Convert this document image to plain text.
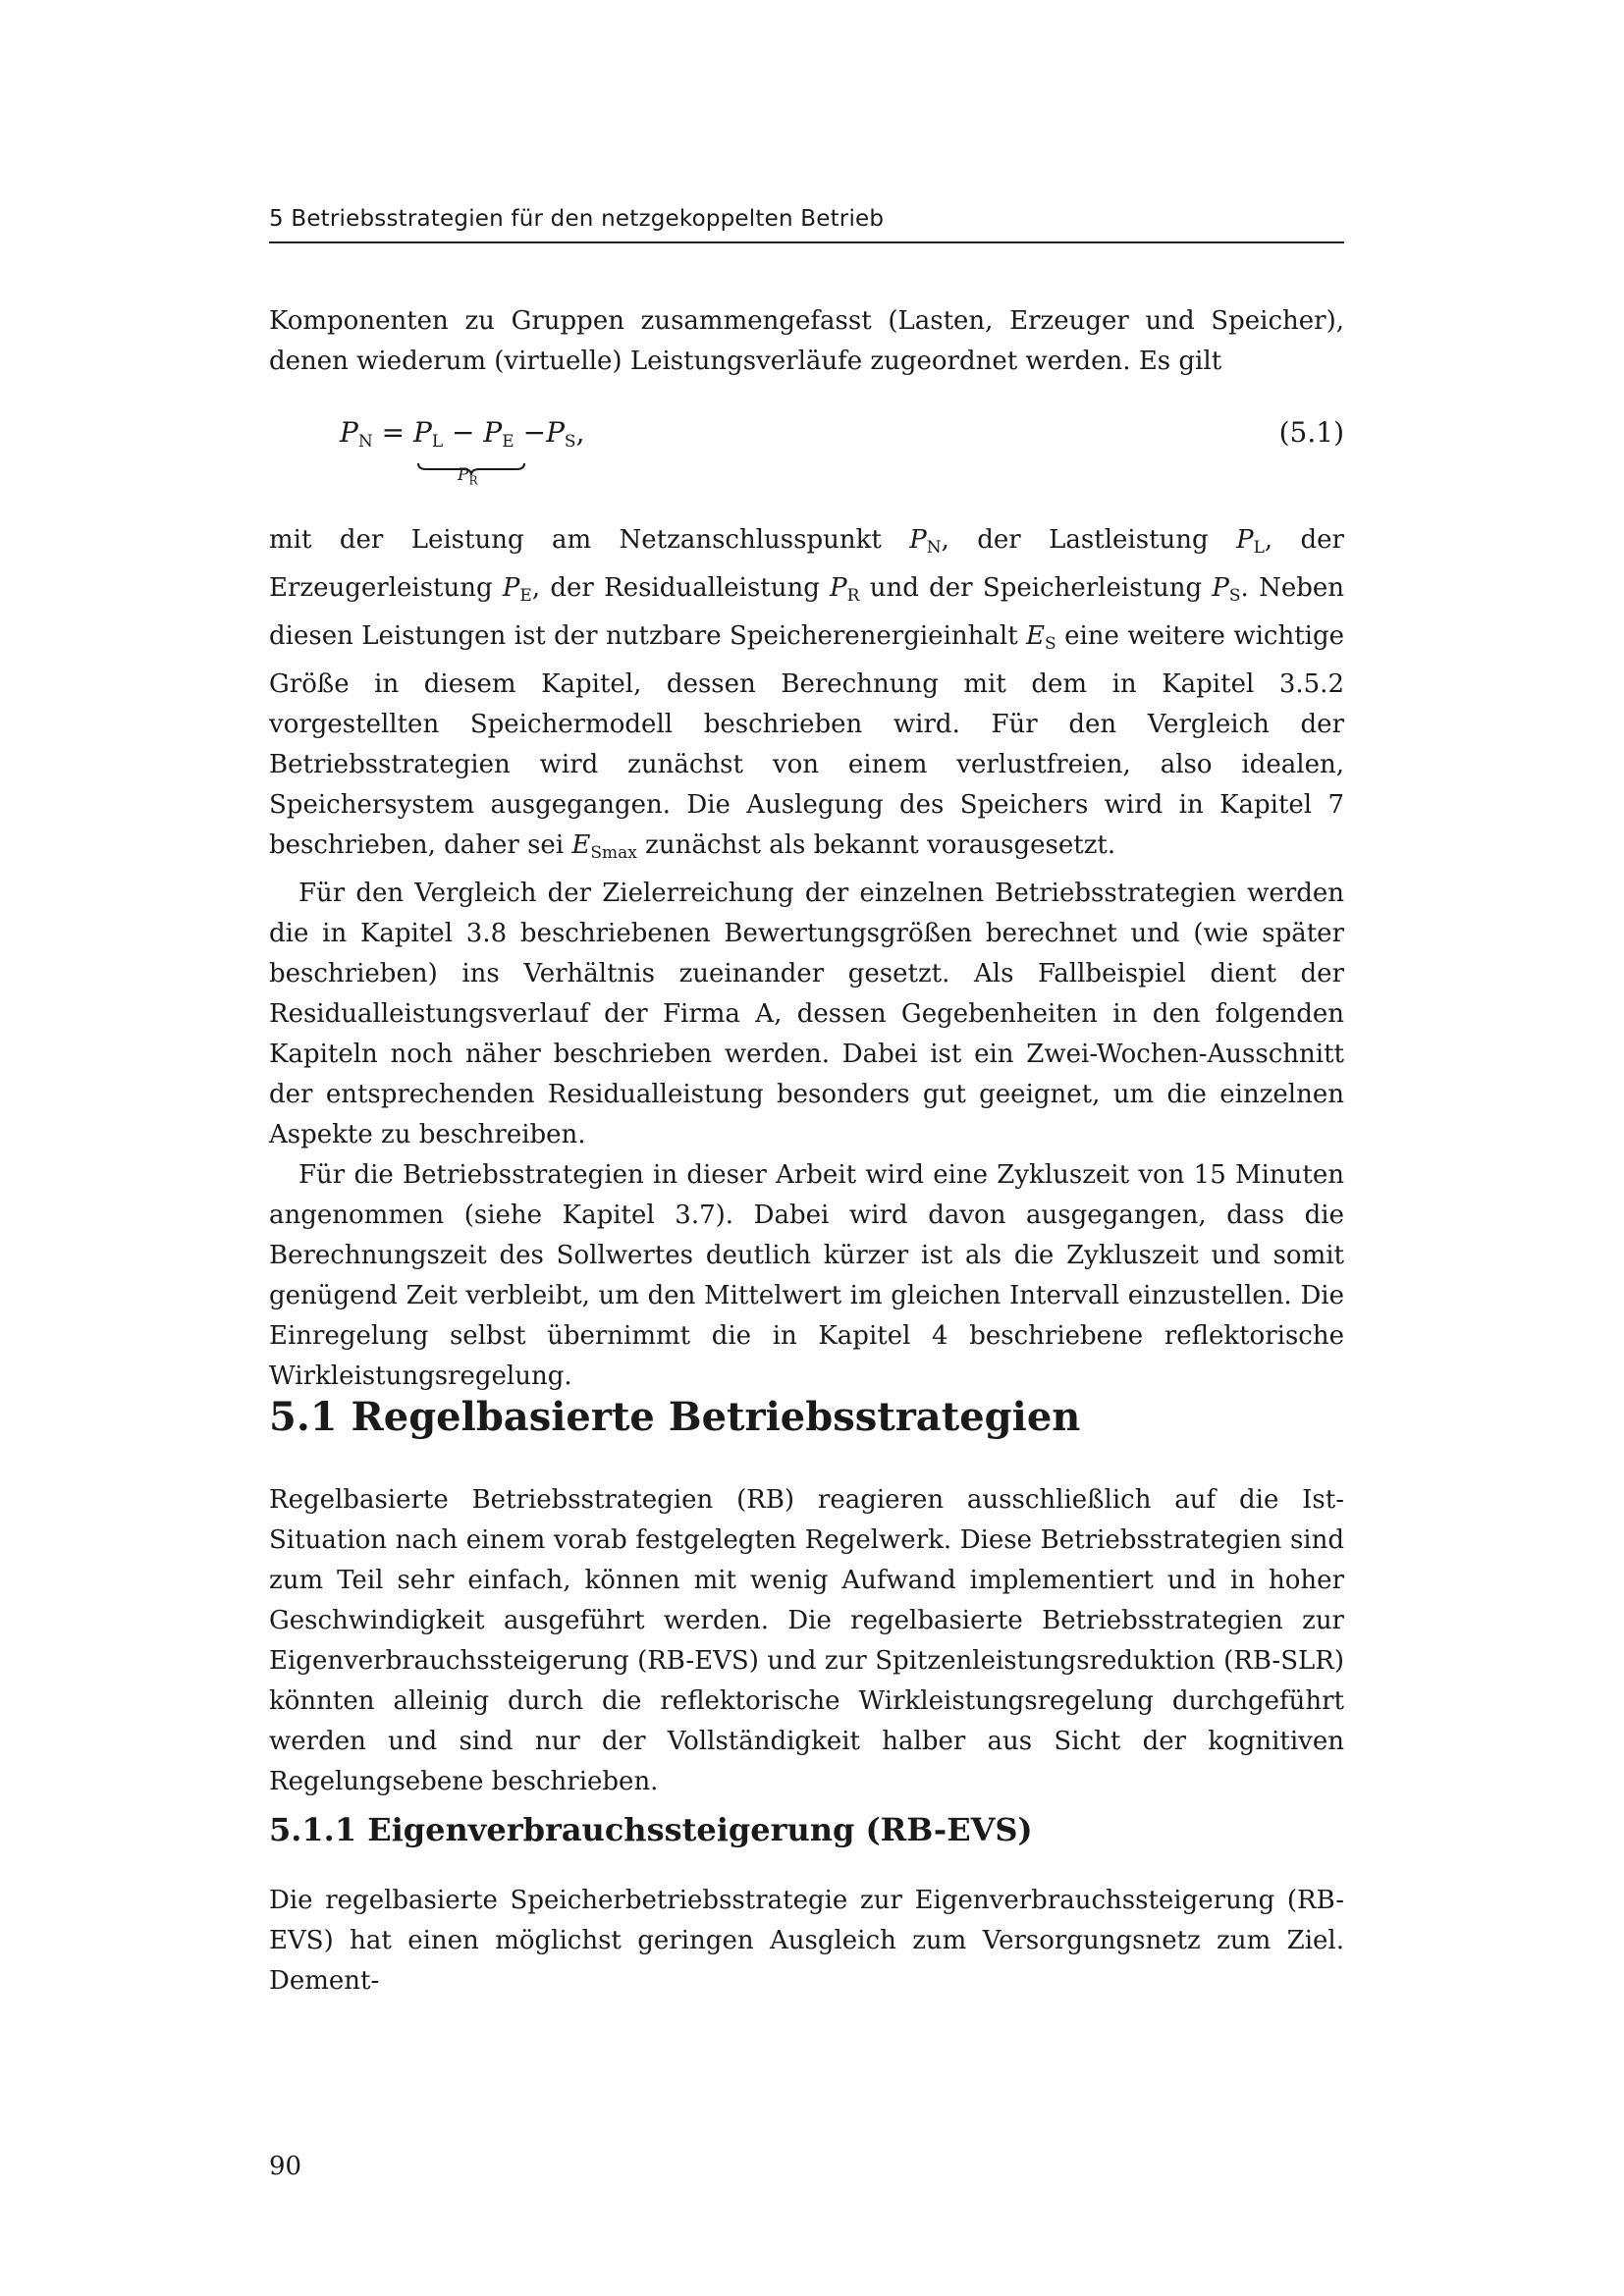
5 Betriebsstrategien für den netzgekoppelten Betrieb

Komponenten zu Gruppen zusammengefasst (Lasten, Erzeuger und Speicher), denen wiederum (virtuelle) Leistungsverläufe zugeordnet werden. Es gilt

$P_N = P_L - P_E -P_S$,
$P_R$
(5.1)

mit der Leistung am Netzanschlusspunkt $P_N$, der Lastleistung $P_L$, der Erzeugerleistung $P_E$, der Residualleistung $P_R$ und der Speicherleistung $P_S$. Neben diesen Leistungen ist der nutzbare Speicherenergieinhalt $E_S$ eine weitere wichtige Größe in diesem Kapitel, dessen Berechnung mit dem in Kapitel 3.5.2 vorgestellten Speichermodell beschrieben wird. Für den Vergleich der Betriebsstrategien wird zunächst von einem verlustfreien, also idealen, Speichersystem ausgegangen. Die Auslegung des Speichers wird in Kapitel 7 beschrieben, daher sei $E_{Smax}$ zunächst als bekannt vorausgesetzt.

Für den Vergleich der Zielerreichung der einzelnen Betriebsstrategien werden die in Kapitel 3.8 beschriebenen Bewertungsgrößen berechnet und (wie später beschrieben) ins Verhältnis zueinander gesetzt. Als Fallbeispiel dient der Residualleistungsverlauf der Firma A, dessen Gegebenheiten in den folgenden Kapiteln noch näher beschrieben werden. Dabei ist ein Zwei-Wochen-Ausschnitt der entsprechenden Residualleistung besonders gut geeignet, um die einzelnen Aspekte zu beschreiben.

Für die Betriebsstrategien in dieser Arbeit wird eine Zykluszeit von 15 Minuten angenommen (siehe Kapitel 3.7). Dabei wird davon ausgegangen, dass die Berechnungszeit des Sollwertes deutlich kürzer ist als die Zykluszeit und somit genügend Zeit verbleibt, um den Mittelwert im gleichen Intervall einzustellen. Die Einregelung selbst übernimmt die in Kapitel 4 beschriebene reflektorische Wirkleistungsregelung.

5.1 Regelbasierte Betriebsstrategien

Regelbasierte Betriebsstrategien (RB) reagieren ausschließlich auf die Ist-Situation nach einem vorab festgelegten Regelwerk. Diese Betriebsstrategien sind zum Teil sehr einfach, können mit wenig Aufwand implementiert und in hoher Geschwindigkeit ausgeführt werden. Die regelbasierte Betriebsstrategien zur Eigenverbrauchssteigerung (RB-EVS) und zur Spitzenleistungsreduktion (RB-SLR) könnten alleinig durch die reflektorische Wirkleistungsregelung durchgeführt werden und sind nur der Vollständigkeit halber aus Sicht der kognitiven Regelungsebene beschrieben.

5.1.1 Eigenverbrauchssteigerung (RB-EVS)

Die regelbasierte Speicherbetriebsstrategie zur Eigenverbrauchssteigerung (RB-EVS) hat einen möglichst geringen Ausgleich zum Versorgungsnetz zum Ziel. Dement-

90
